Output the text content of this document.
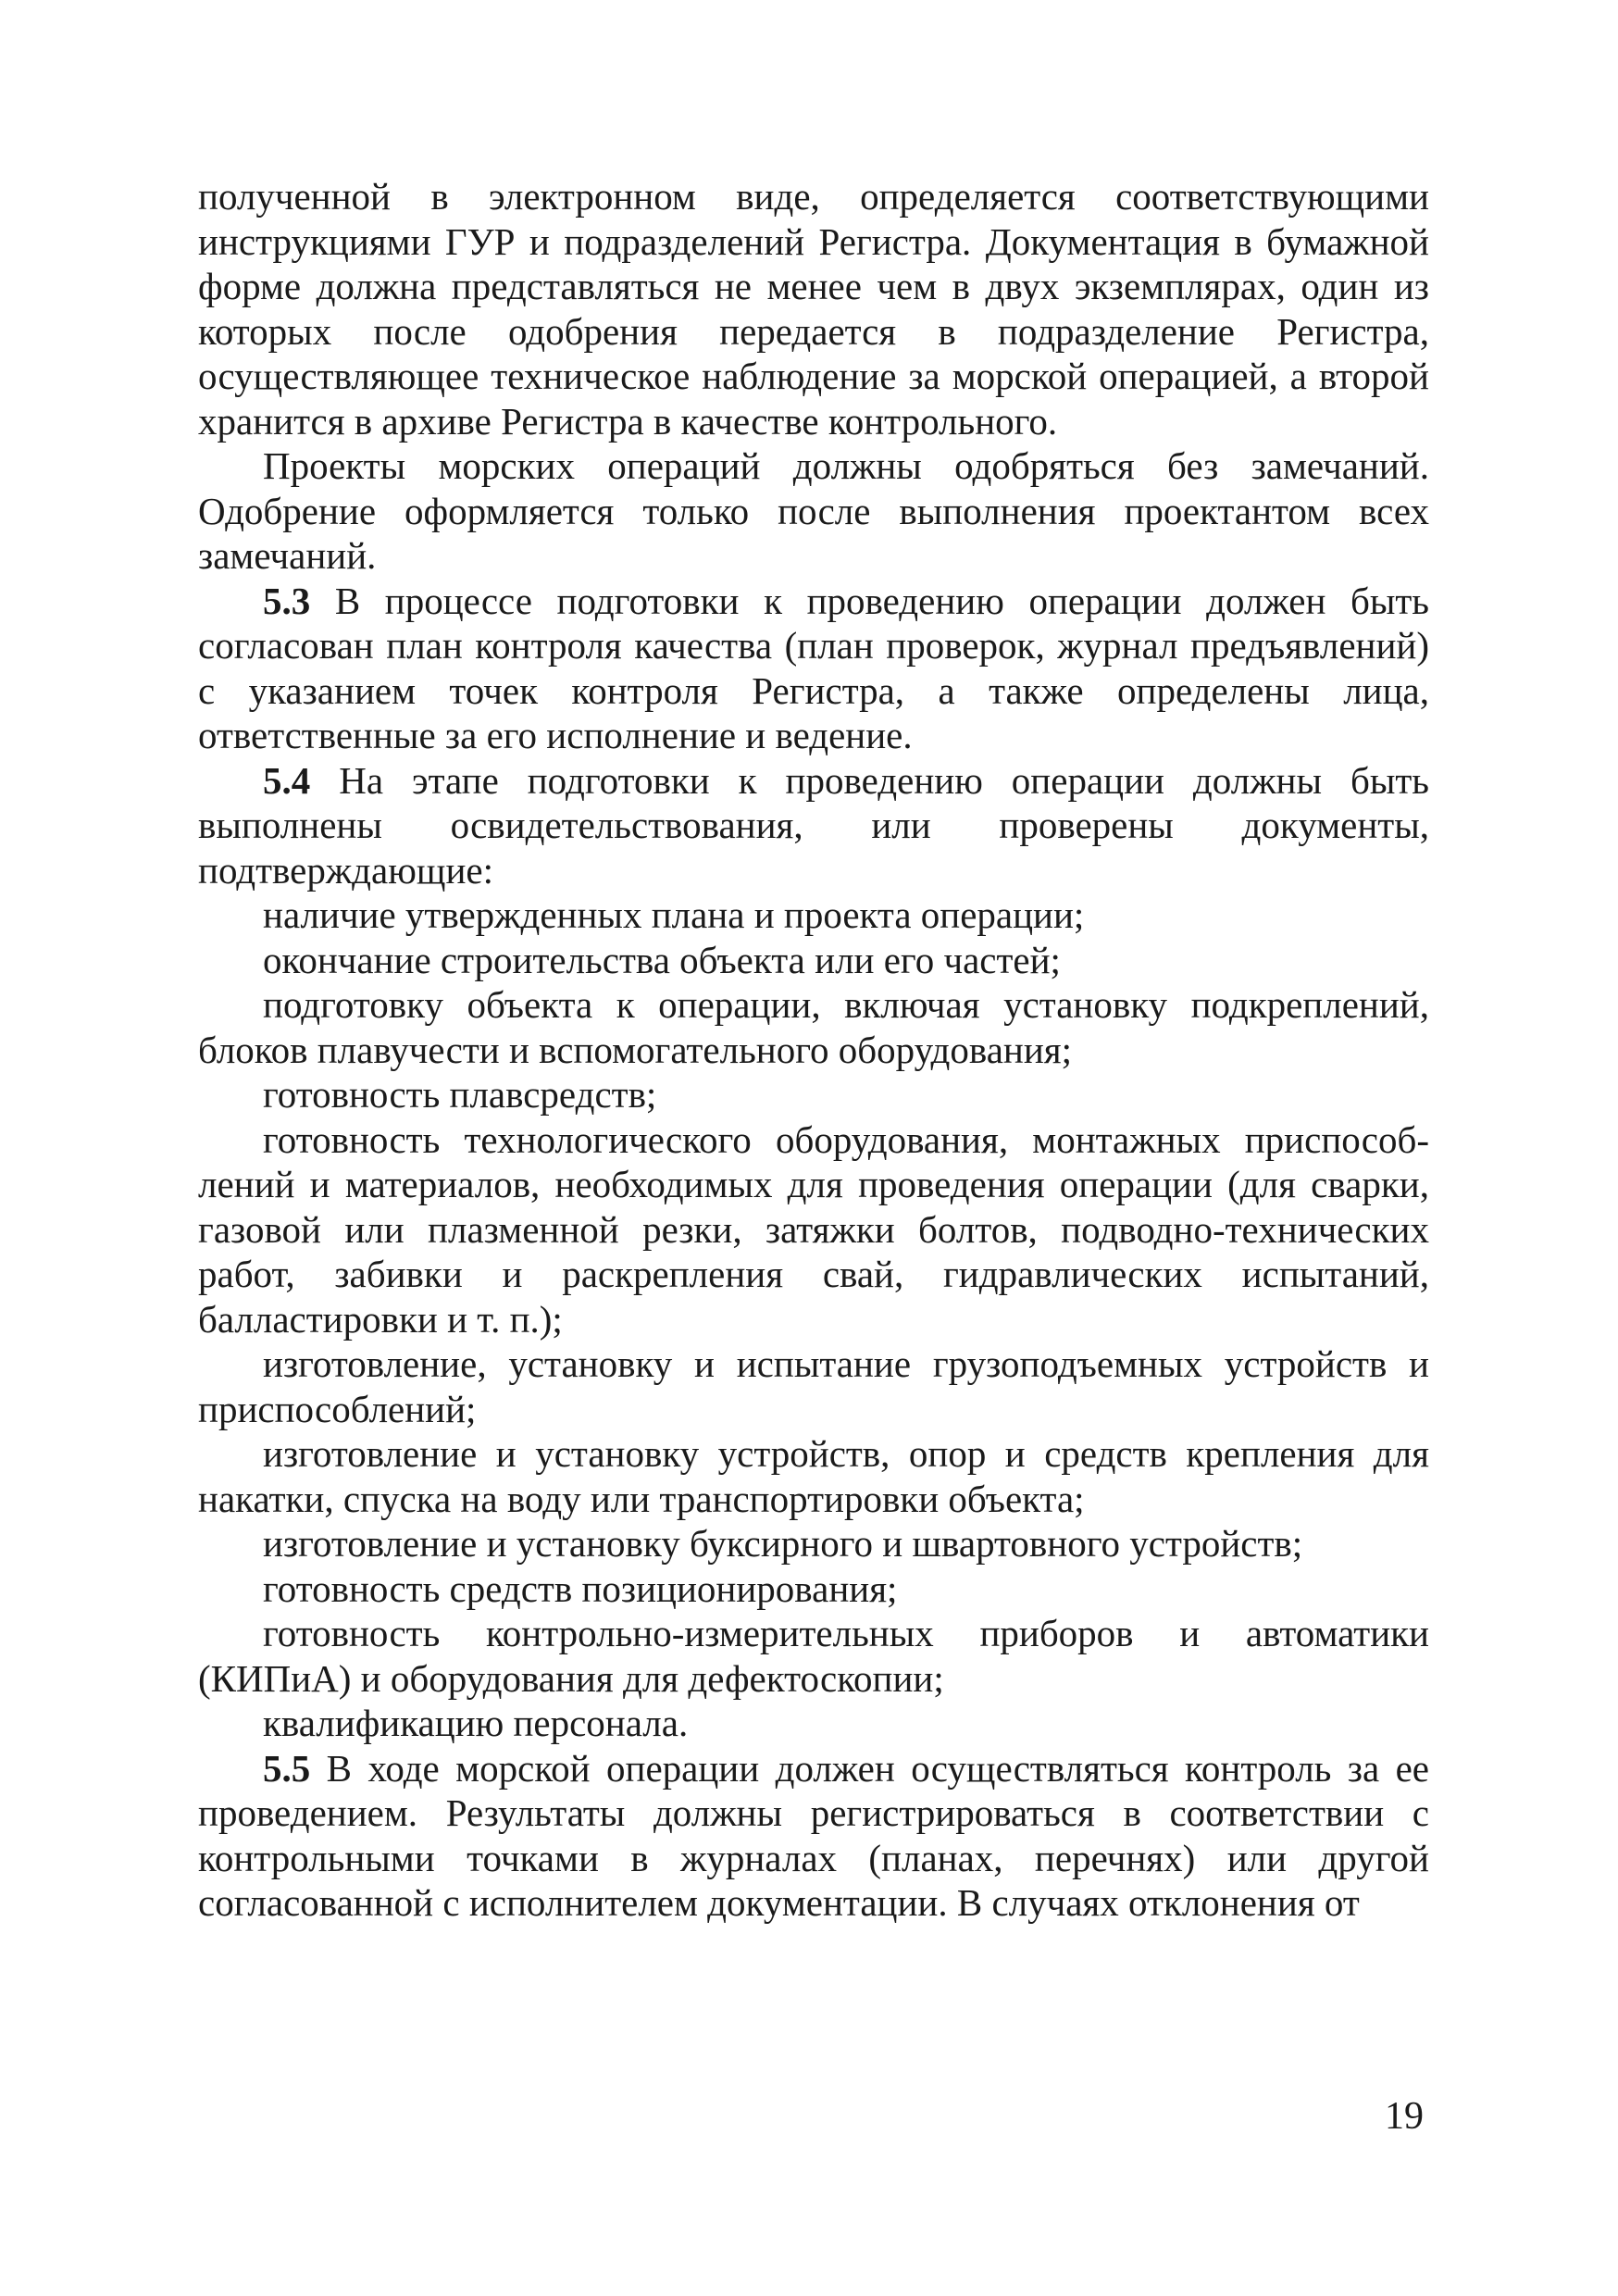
полученной в электронном виде, определяется соответствующими инструкциями ГУР и подразделений Регистра. Документация в бумажной форме должна представляться не менее чем в двух экземплярах, один из которых после одобрения передается в подразделение Регистра, осуществляющее техническое наблюдение за морской операцией, а второй хранится в архиве Регистра в качестве контрольного.

Проекты морских операций должны одобряться без замечаний. Одобрение оформляется только после выполнения проектантом всех замечаний.

5.3 В процессе подготовки к проведению операции должен быть согласован план контроля качества (план проверок, журнал предъявлений) с указанием точек контроля Регистра, а также определены лица, ответственные за его исполнение и ведение.

5.4 На этапе подготовки к проведению операции должны быть выполнены освидетельствования, или проверены документы, подтверждающие:

наличие утвержденных плана и проекта операции;

окончание строительства объекта или его частей;

подготовку объекта к операции, включая установку подкреплений, блоков плавучести и вспомогательного оборудования;

готовность плавсредств;

готовность технологического оборудования, монтажных приспособлений и материалов, необходимых для проведения операции (для сварки, газовой или плазменной резки, затяжки болтов, подводно-технических работ, забивки и раскрепления свай, гидравлических испытаний, балластировки и т. п.);

изготовление, установку и испытание грузоподъемных устройств и приспособлений;

изготовление и установку устройств, опор и средств крепления для накатки, спуска на воду или транспортировки объекта;

изготовление и установку буксирного и швартовного устройств;

готовность средств позиционирования;

готовность контрольно-измерительных приборов и автоматики (КИПиА) и оборудования для дефектоскопии;

квалификацию персонала.

5.5 В ходе морской операции должен осуществляться контроль за ее проведением. Результаты должны регистрироваться в соответствии с контрольными точками в журналах (планах, перечнях) или другой согласованной с исполнителем документации. В случаях отклонения от

19
